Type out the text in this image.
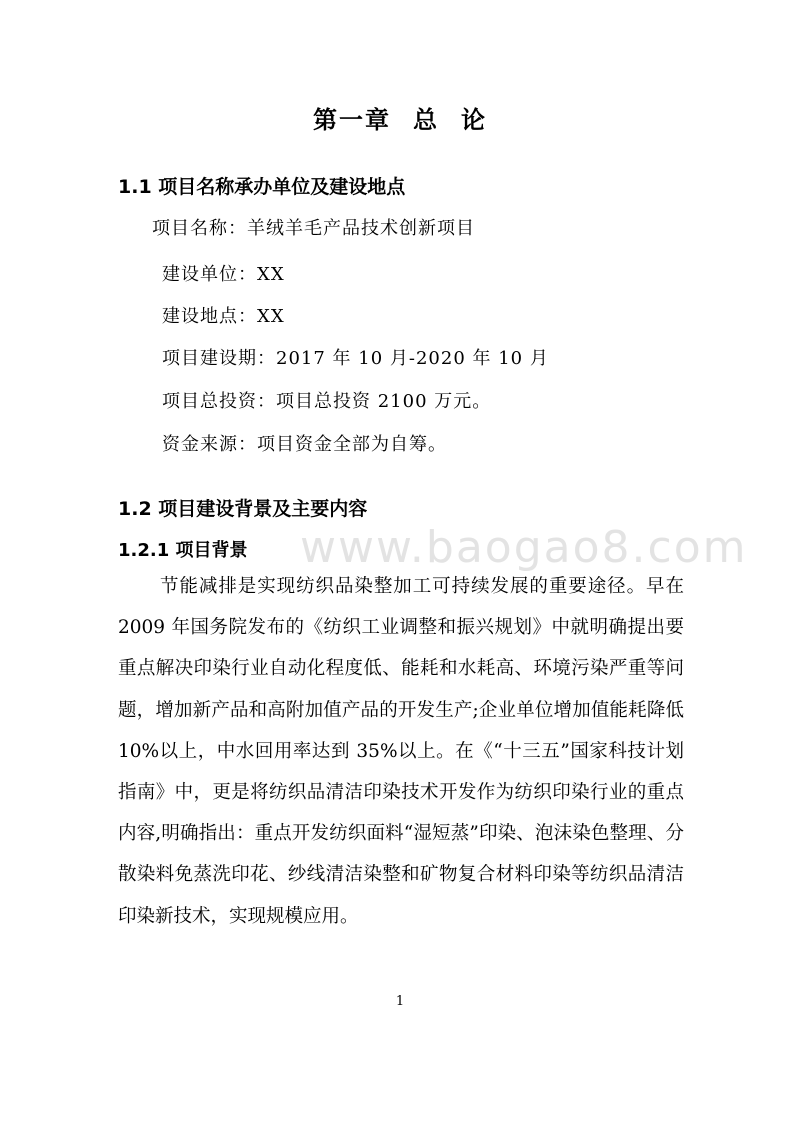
第一章 总 论
1.1 项目名称承办单位及建设地点
项目名称：羊绒羊毛产品技术创新项目
建设单位：XX
建设地点：XX
项目建设期：2017 年 10 月-2020 年 10 月
项目总投资：项目总投资 2100 万元。
资金来源：项目资金全部为自筹。
1.2 项目建设背景及主要内容
www.baogao8.com
1.2.1 项目背景

节能减排是实现纺织品染整加工可持续发展的重要途径。早在 2009 年国务院发布的《纺织工业调整和振兴规划》中就明确提出要重点解决印染行业自动化程度低、能耗和水耗高、环境污染严重等问题，增加新产品和高附加值产品的开发生产;企业单位增加值能耗降低 10%以上，中水回用率达到 35%以上。在《“十三五”国家科技计划指南》中，更是将纺织品清洁印染技术开发作为纺织印染行业的重点内容,明确指出：重点开发纺织面料“湿短蒸”印染、泡沫染色整理、分散染料免蒸洗印花、纱线清洁染整和矿物复合材料印染等纺织品清洁印染新技术，实现规模应用。

1
